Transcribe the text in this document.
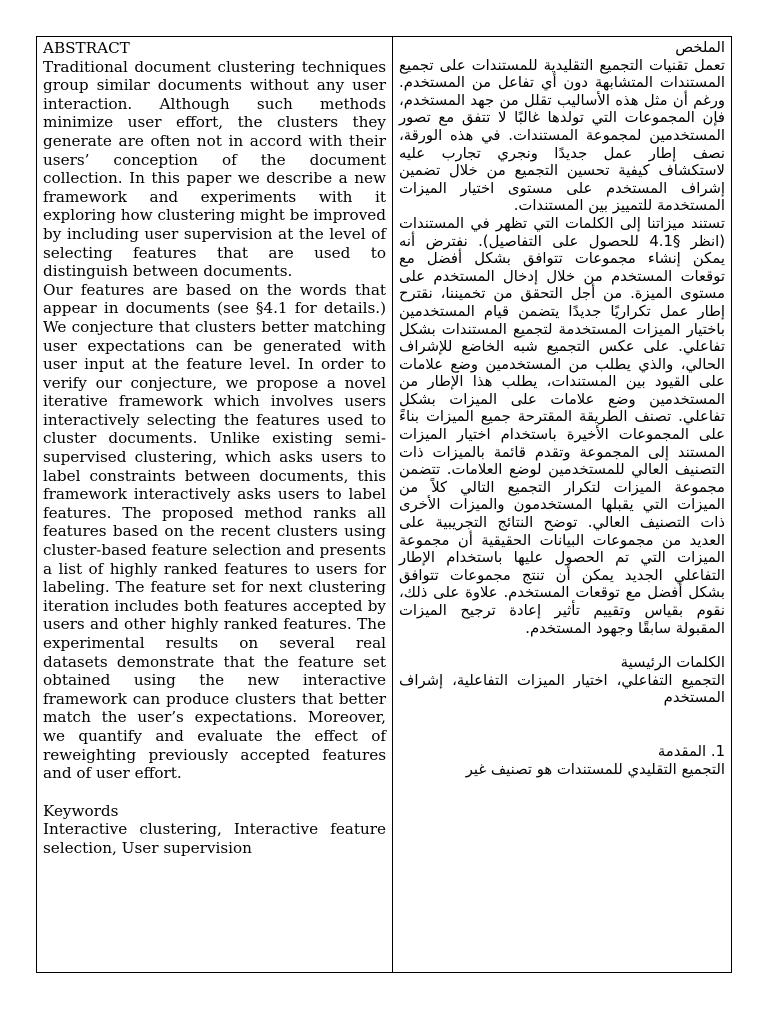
ABSTRACT

Traditional document clustering techniques group similar documents without any user interaction. Although such methods minimize user effort, the clusters they generate are often not in accord with their users’ conception of the document collection. In this paper we describe a new framework and experiments with it exploring how clustering might be improved by including user supervision at the level of selecting features that are used to distinguish between documents.

Our features are based on the words that appear in documents (see §4.1 for details.) We conjecture that clusters better matching user expectations can be generated with user input at the feature level. In order to verify our conjecture, we propose a novel iterative framework which involves users interactively selecting the features used to cluster documents. Unlike existing semi-supervised clustering, which asks users to label constraints between documents, this framework interactively asks users to label features. The proposed method ranks all features based on the recent clusters using cluster-based feature selection and presents a list of highly ranked features to users for labeling. The feature set for next clustering iteration includes both features accepted by users and other highly ranked features. The experimental results on several real datasets demonstrate that the feature set obtained using the new interactive framework can produce clusters that better match the user’s expectations. Moreover, we quantify and evaluate the effect of reweighting previously accepted features and of user effort.

Keywords

Interactive clustering, Interactive feature selection, User supervision

الملخص

تعمل تقنيات التجميع التقليدية للمستندات على تجميع المستندات المتشابهة دون أي تفاعل من المستخدم. ورغم أن مثل هذه الأساليب تقلل من جهد المستخدم، فإن المجموعات التي تولدها غالبًا لا تتفق مع تصور المستخدمين لمجموعة المستندات. في هذه الورقة، نصف إطار عمل جديدًا ونجري تجارب عليه لاستكشاف كيفية تحسين التجميع من خلال تضمين إشراف المستخدم على مستوى اختيار الميزات المستخدمة للتمييز بين المستندات.

تستند ميزاتنا إلى الكلمات التي تظهر في المستندات (انظر §4.1 للحصول على التفاصيل). نفترض أنه يمكن إنشاء مجموعات تتوافق بشكل أفضل مع توقعات المستخدم من خلال إدخال المستخدم على مستوى الميزة. من أجل التحقق من تخميننا، نقترح إطار عمل تكراريًا جديدًا يتضمن قيام المستخدمين باختيار الميزات المستخدمة لتجميع المستندات بشكل تفاعلي. على عكس التجميع شبه الخاضع للإشراف الحالي، والذي يطلب من المستخدمين وضع علامات على القيود بين المستندات، يطلب هذا الإطار من المستخدمين وضع علامات على الميزات بشكل تفاعلي. تصنف الطريقة المقترحة جميع الميزات بناءً على المجموعات الأخيرة باستخدام اختيار الميزات المستند إلى المجموعة وتقدم قائمة بالميزات ذات التصنيف العالي للمستخدمين لوضع العلامات. تتضمن مجموعة الميزات لتكرار التجميع التالي كلاً من الميزات التي يقبلها المستخدمون والميزات الأخرى ذات التصنيف العالي. توضح النتائج التجريبية على العديد من مجموعات البيانات الحقيقية أن مجموعة الميزات التي تم الحصول عليها باستخدام الإطار التفاعلي الجديد يمكن أن تنتج مجموعات تتوافق بشكل أفضل مع توقعات المستخدم. علاوة على ذلك، نقوم بقياس وتقييم تأثير إعادة ترجيح الميزات المقبولة سابقًا وجهود المستخدم.

الكلمات الرئيسية

التجميع التفاعلي، اختيار الميزات التفاعلية، إشراف المستخدم

1. المقدمة

التجميع التقليدي للمستندات هو تصنيف غير
